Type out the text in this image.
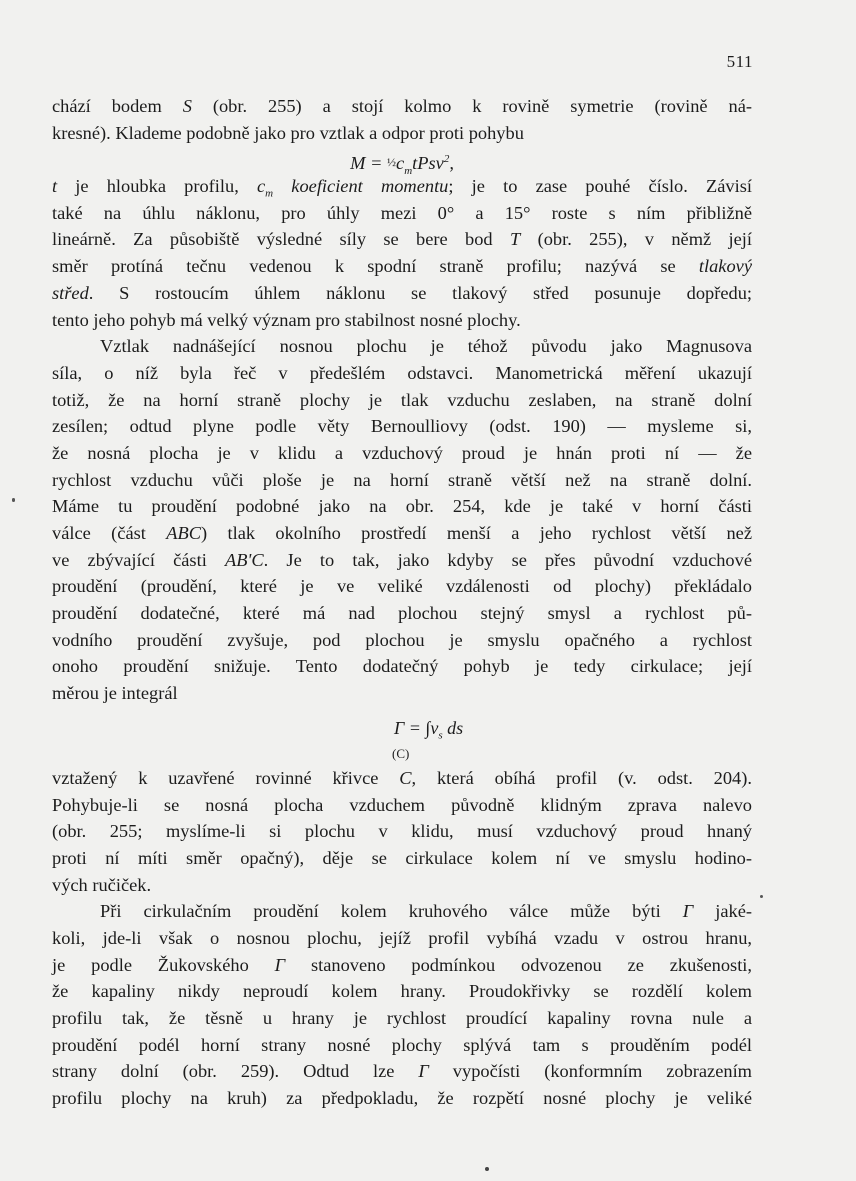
511
chází bodem S (obr. 255) a stojí kolmo k rovině symetrie (rovině ná-
kresné). Klademe podobně jako pro vztlak a odpor proti pohybu
$M = \frac{1}{2}c_mtPsv^2$,
t je hloubka profilu, $c_m$ koeficient momentu; je to zase pouhé číslo. Závisí
také na úhlu náklonu, pro úhly mezi 0° a 15° roste s ním přibližně
lineárně. Za působiště výsledné síly se bere bod T (obr. 255), v němž její
směr protíná tečnu vedenou k spodní straně profilu; nazývá se tlakový
střed. S rostoucím úhlem náklonu se tlakový střed posunuje dopředu;
tento jeho pohyb má velký význam pro stabilnost nosné plochy.
Vztlak nadnášející nosnou plochu je téhož původu jako Magnusova
síla, o níž byla řeč v předešlém odstavci. Manometrická měření ukazují
totiž, že na horní straně plochy je tlak vzduchu zeslaben, na straně dolní
zesílen; odtud plyne podle věty Bernoulliovy (odst. 190) — mysleme si,
že nosná plocha je v klidu a vzduchový proud je hnán proti ní — že
rychlost vzduchu vůči ploše je na horní straně větší než na straně dolní.
Máme tu proudění podobné jako na obr. 254, kde je také v horní části
válce (část ABC) tlak okolního prostředí menší a jeho rychlost větší než
ve zbývající části AB'C. Je to tak, jako kdyby se přes původní vzduchové
proudění (proudění, které je ve veliké vzdálenosti od plochy) překládalo
proudění dodatečné, které má nad plochou stejný smysl a rychlost pů-
vodního proudění zvyšuje, pod plochou je smyslu opačného a rychlost
onoho proudění snižuje. Tento dodatečný pohyb je tedy cirkulace; její
měrou je integrál
$\Gamma = \int v_s$ ds
(C)
vztažený k uzavřené rovinné křivce C, která obíhá profil (v. odst. 204).
Pohybuje-li se nosná plocha vzduchem původně klidným zprava nalevo
(obr. 255; myslíme-li si plochu v klidu, musí vzduchový proud hnaný
proti ní míti směr opačný), děje se cirkulace kolem ní ve smyslu hodino-
vých ručiček.
Při cirkulačním proudění kolem kruhového válce může býti Γ jaké-
koli, jde-li však o nosnou plochu, jejíž profil vybíhá vzadu v ostrou hranu,
je podle Žukovského Γ stanoveno podmínkou odvozenou ze zkušenosti,
že kapaliny nikdy neproudí kolem hrany. Proudokřivky se rozdělí kolem
profilu tak, že těsně u hrany je rychlost proudící kapaliny rovna nule a
proudění podél horní strany nosné plochy splývá tam s prouděním podél
strany dolní (obr. 259). Odtud lze Γ vypočísti (konformním zobrazením
profilu plochy na kruh) za předpokladu, že rozpětí nosné plochy je veliké
